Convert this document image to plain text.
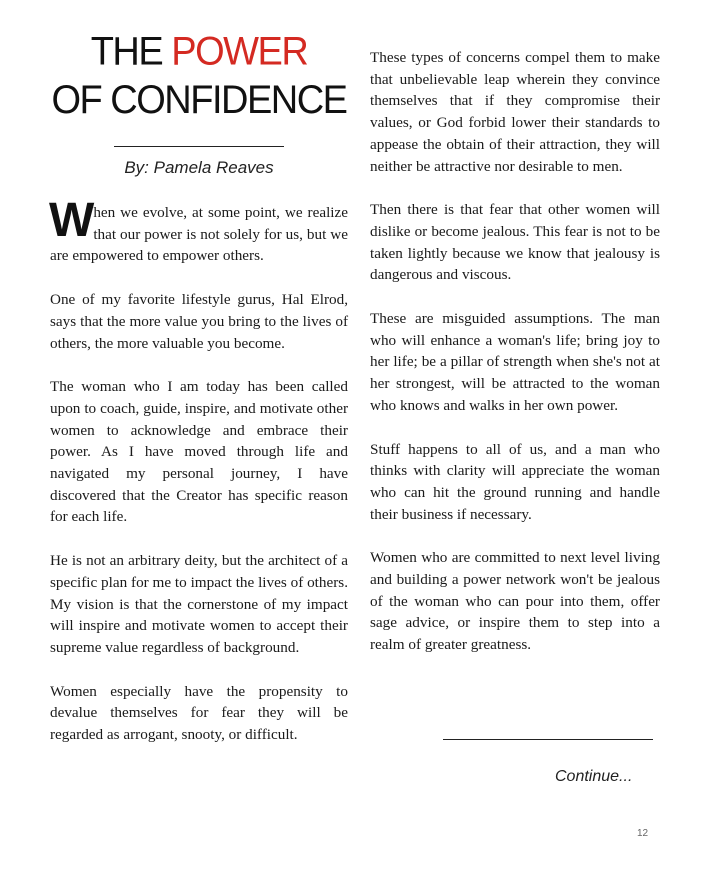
THE POWER
OF CONFIDENCE

By: Pamela Reaves

When we evolve, at some point, we realize that our power is not solely for us, but we are empowered to empower others.

One of my favorite lifestyle gurus, Hal Elrod, says that the more value you bring to the lives of others, the more valuable you become.

The woman who I am today has been called upon to coach, guide, inspire, and motivate other women to acknowledge and embrace their power. As I have moved through life and navigated my personal journey, I have discovered that the Creator has specific reason for each life.

He is not an arbitrary deity, but the architect of a specific plan for me to impact the lives of others. My vision is that the cornerstone of my impact will inspire and motivate women to accept their supreme value regardless of background.

Women especially have the propensity to devalue themselves for fear they will be regarded as arrogant, snooty, or difficult.

These types of concerns compel them to make that unbelievable leap wherein they convince themselves that if they compromise their values, or God forbid lower their standards to appease the obtain of their attraction, they will neither be attractive nor desirable to men.

Then there is that fear that other women will dislike or become jealous. This fear is not to be taken lightly because we know that jealousy is dangerous and viscous.

These are misguided assumptions. The man who will enhance a woman's life; bring joy to her life; be a pillar of strength when she's not at her strongest, will be attracted to the woman who knows and walks in her own power.

Stuff happens to all of us, and a man who thinks with clarity will appreciate the woman who can hit the ground running and handle their business if necessary.

Women who are committed to next level living and building a power network won't be jealous of the woman who can pour into them, offer sage advice, or inspire them to step into a realm of greater greatness.

Continue...
12
